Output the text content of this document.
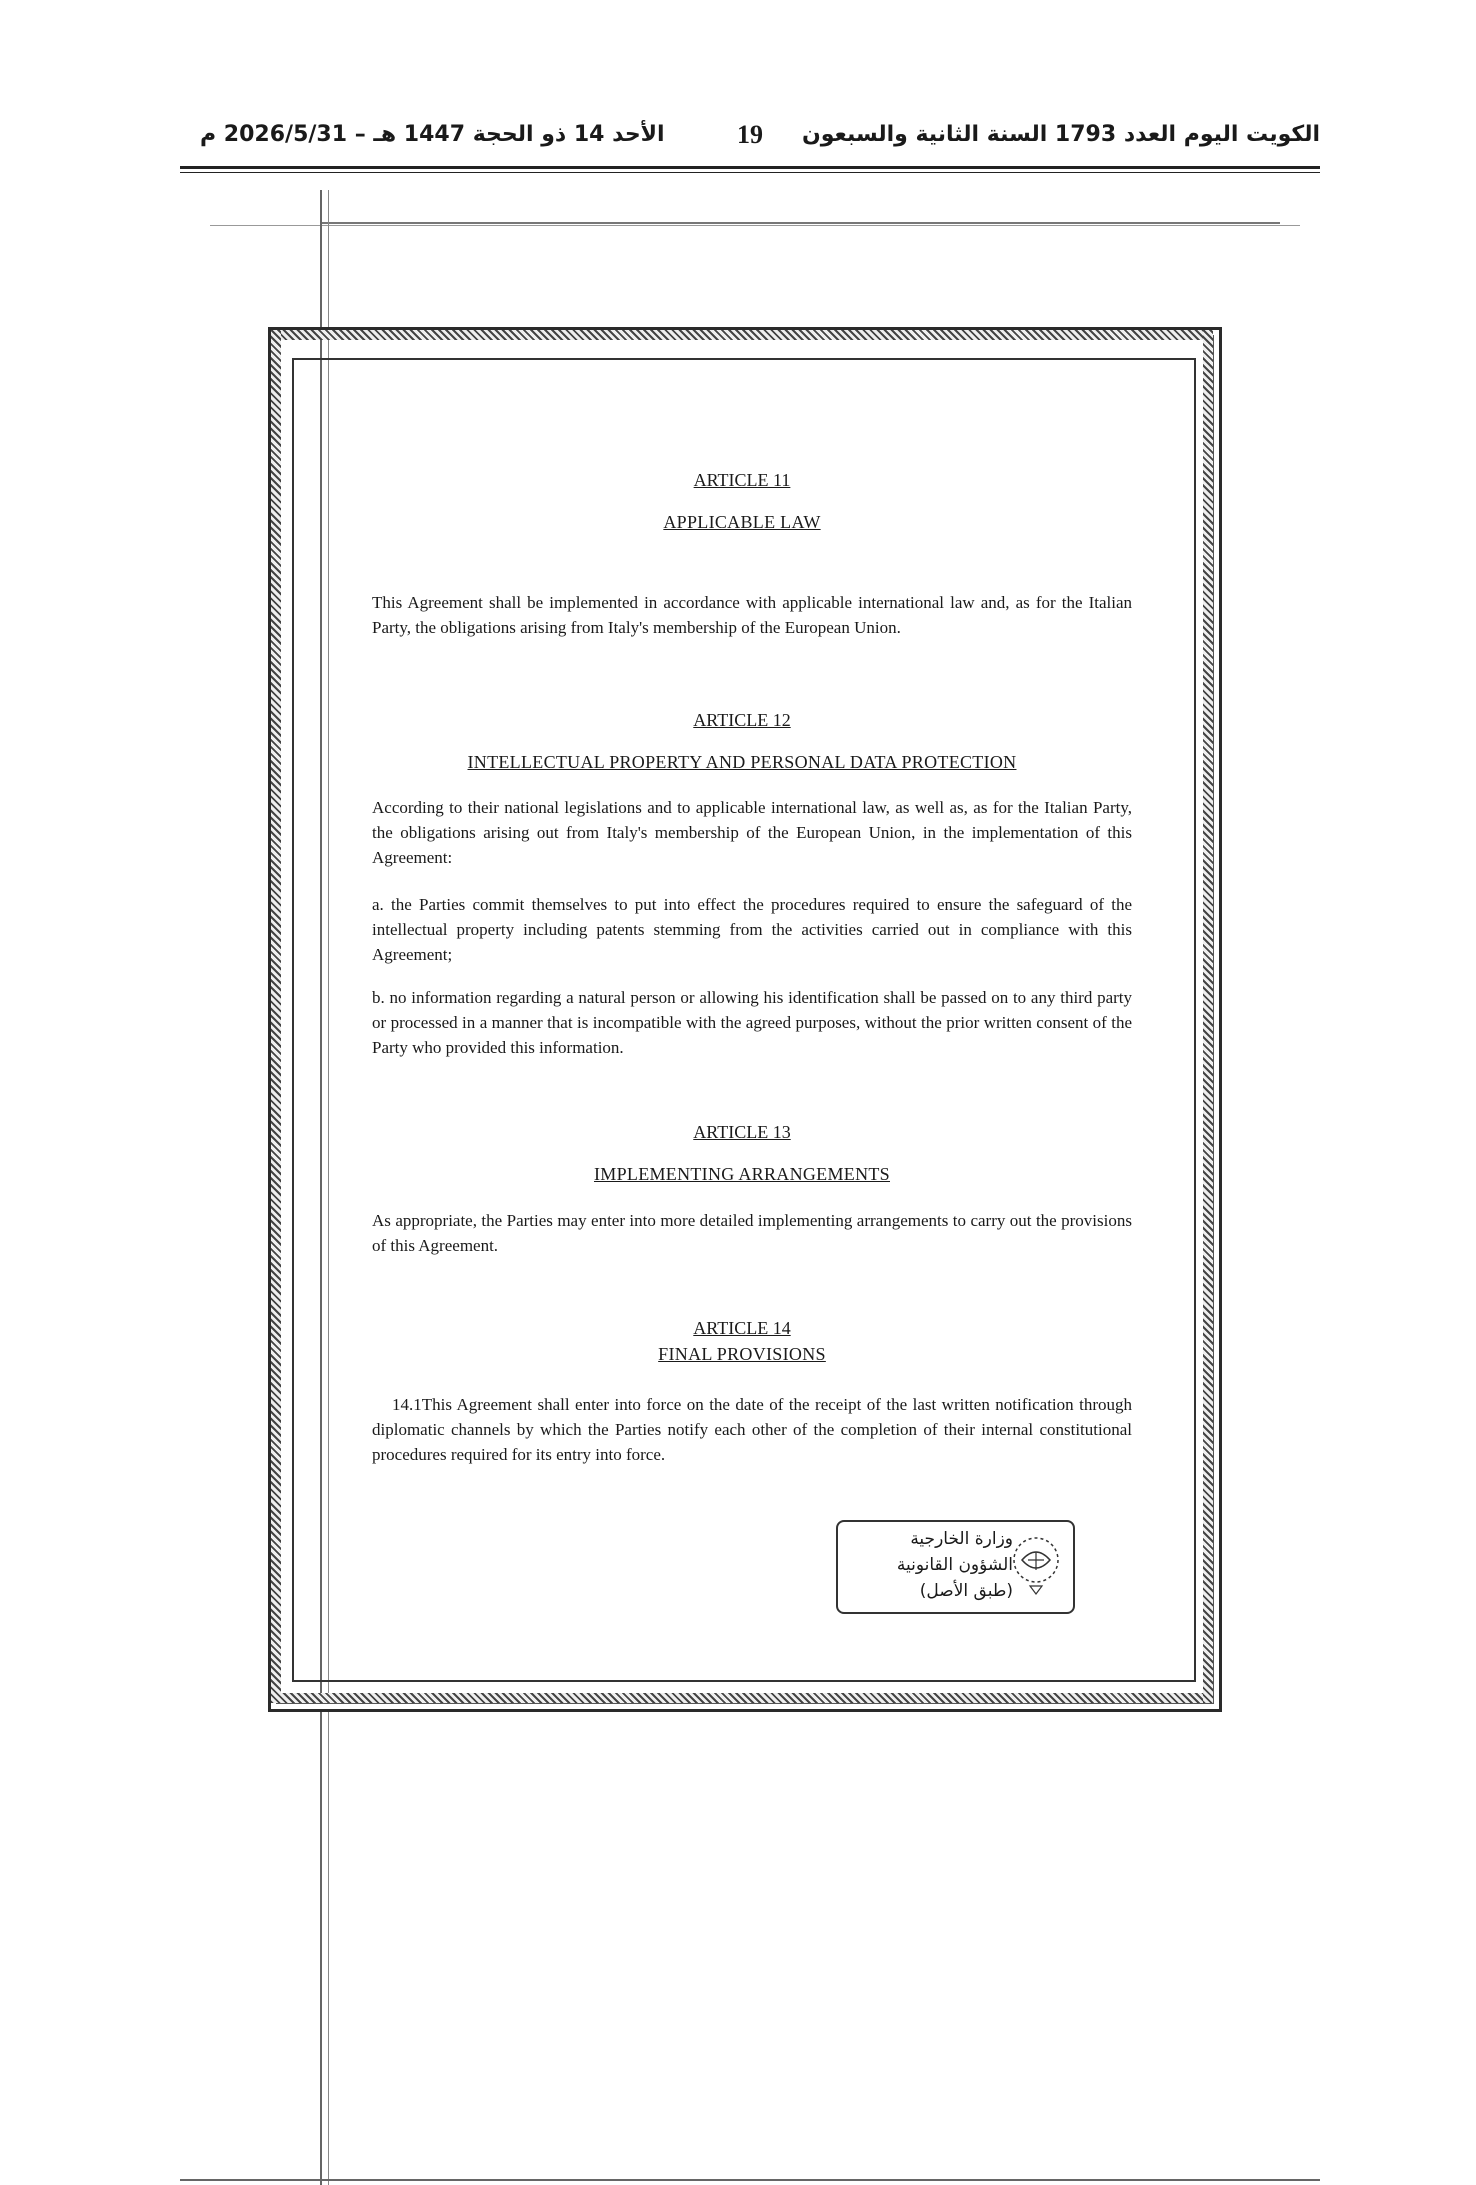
الأحد 14 ذو الحجة 1447 هـ – 2026/5/31 م	19	الكويت اليوم العدد 1793 السنة الثانية والسبعون
ARTICLE 11
APPLICABLE LAW

This Agreement shall be implemented in accordance with applicable international law and, as for the Italian Party, the obligations arising from Italy's membership of the European Union.

ARTICLE 12
INTELLECTUAL PROPERTY AND PERSONAL DATA PROTECTION

According to their national legislations and to applicable international law, as well as, as for the Italian Party, the obligations arising out from Italy's membership of the European Union, in the implementation of this Agreement:

a. the Parties commit themselves to put into effect the procedures required to ensure the safeguard of the intellectual property including patents stemming from the activities carried out in compliance with this Agreement;

b. no information regarding a natural person or allowing his identification shall be passed on to any third party or processed in a manner that is incompatible with the agreed purposes, without the prior written consent of the Party who provided this information.

ARTICLE 13
IMPLEMENTING ARRANGEMENTS

As appropriate, the Parties may enter into more detailed implementing arrangements to carry out the provisions of this Agreement.

ARTICLE 14
FINAL PROVISIONS

14.1This Agreement shall enter into force on the date of the receipt of the last written notification through diplomatic channels by which the Parties notify each other of the completion of their internal constitutional procedures required for its entry into force.

وزارة الخارجية
الشؤون القانونية
(طبق الأصل)
